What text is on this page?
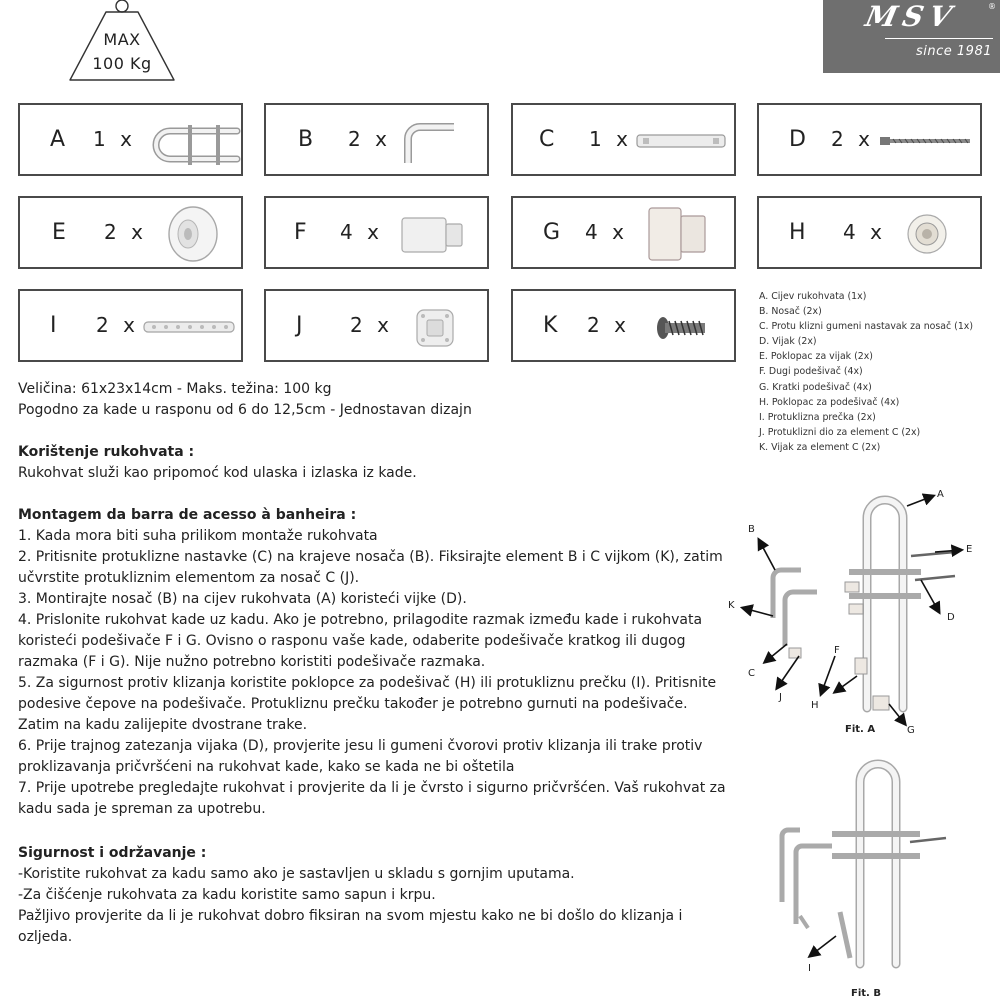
MAX
100 Kg
MSV	®
since 1981
A 1 x	B 2 x	C 1 x	D 2 x
E 2 x	F 4 x	G 4 x	H 4 x
I 2 x	J 2 x	K 2 x
A. Cijev rukohvata (1x)
B. Nosač (2x)
C. Protu klizni gumeni nastavak za nosač (1x)
D. Vijak (2x)
E. Poklopac za vijak (2x)
F. Dugi podešivač (4x)
G. Kratki podešivač (4x)
H. Poklopac za podešivač (4x)
I. Protuklizna prečka (2x)
J. Protuklizni dio za element C (2x)
K. Vijak za element C (2x)
Veličina: 61x23x14cm - Maks. težina: 100 kg
Pogodno za kade u rasponu od 6 do 12,5cm - Jednostavan dizajn
Korištenje rukohvata :
Rukohvat služi kao pripomoć kod ulaska i izlaska iz kade.
Montagem da barra de acesso à banheira :
1. Kada mora biti suha prilikom montaže rukohvata
2. Pritisnite protuklizne nastavke (C) na krajeve nosača (B). Fiksirajte element B i C vijkom (K), zatim
učvrstite protukliznim elementom za nosač C (J).
3. Montirajte nosač (B) na cijev rukohvata (A) koristeći vijke (D).
4. Prislonite rukohvat kade uz kadu. Ako je potrebno, prilagodite razmak između kade i rukohvata
koristeći podešivače F i G. Ovisno o rasponu vaše kade, odaberite podešivače kratkog ili dugog
razmaka (F i G). Nije nužno potrebno koristiti podešivače razmaka.
5. Za sigurnost protiv klizanja koristite poklopce za podešivač (H) ili protukliznu prečku (I). Pritisnite
podesive čepove na podešivače. Protukliznu prečku također je potrebno gurnuti na podešivače.
Zatim na kadu zalijepite dvostrane trake.
6. Prije trajnog zatezanja vijaka (D), provjerite jesu li gumeni čvorovi protiv klizanja ili trake protiv
proklizavanja pričvršćeni na rukohvat kade, kako se kada ne bi oštetila
7. Prije upotrebe pregledajte rukohvat i provjerite da li je čvrsto i sigurno pričvršćen. Vaš rukohvat za
kadu sada je spreman za upotrebu.
Sigurnost i održavanje :
-Koristite rukohvat za kadu samo ako je sastavljen u skladu s gornjim uputama.
-Za čišćenje rukohvata za kadu koristite samo sapun i krpu.
Pažljivo provjerite da li je rukohvat dobro fiksiran na svom mjestu kako ne bi došlo do klizanja i
ozljeda.
A
B
E
K
D
F
C
J
H
G
Fit. A
I
Fit. B
